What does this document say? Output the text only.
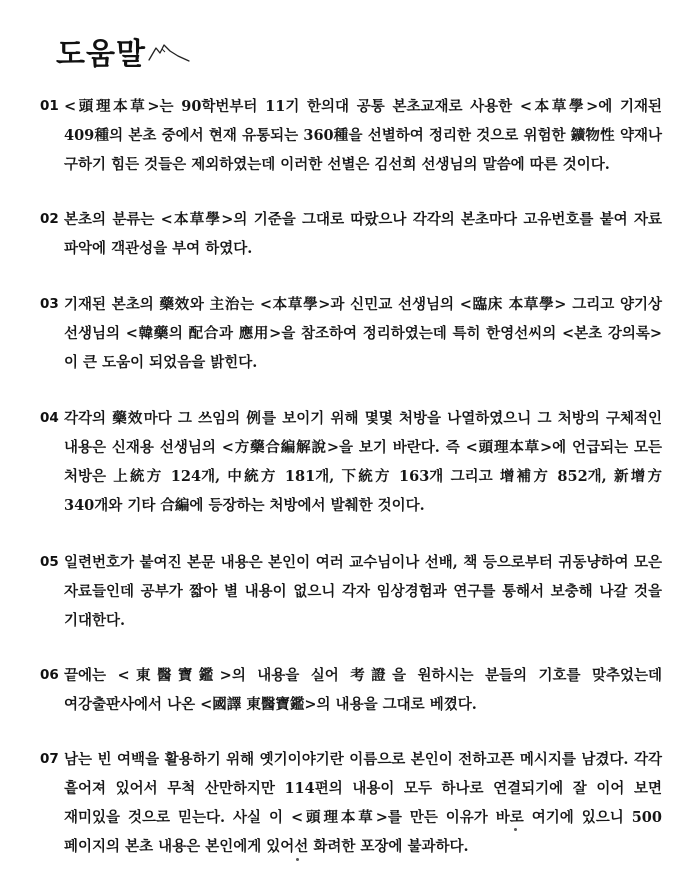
도움말
01 <頭理本草>는 90학번부터 11기 한의대 공통 본초교재로 사용한 <本草學>에 기재된 409種의 본초 중에서 현재 유통되는 360種을 선별하여 정리한 것으로 위험한 鑛物性 약재나 구하기 힘든 것들은 제외하였는데 이러한 선별은 김선희 선생님의 말씀에 따른 것이다.
02 본초의 분류는 <本草學>의 기준을 그대로 따랐으나 각각의 본초마다 고유번호를 붙여 자료 파악에 객관성을 부여 하였다.
03 기재된 본초의 藥效와 主治는 <本草學>과 신민교 선생님의 <臨床 本草學> 그리고 양기상 선생님의 <韓藥의 配合과 應用>을 참조하여 정리하였는데 특히 한영선씨의 <본초 강의록>이 큰 도움이 되었음을 밝힌다.
04 각각의 藥效마다 그 쓰임의 例를 보이기 위해 몇몇 처방을 나열하였으니 그 처방의 구체적인 내용은 신재용 선생님의 <方藥合編解說>을 보기 바란다. 즉 <頭理本草>에 언급되는 모든 처방은 上統方 124개, 中統方 181개, 下統方 163개 그리고 增補方 852개, 新增方 340개와 기타 合編에 등장하는 처방에서 발췌한 것이다.
05 일련번호가 붙여진 본문 내용은 본인이 여러 교수님이나 선배, 책 등으로부터 귀동냥하여 모은 자료들인데 공부가 짧아 별 내용이 없으니 각자 임상경험과 연구를 통해서 보충해 나갈 것을 기대한다.
06 끝에는 <東醫寶鑑>의 내용을 실어 考證을 원하시는 분들의 기호를 맞추었는데 여강출판사에서 나온 <國譯 東醫寶鑑>의 내용을 그대로 베꼈다.
07 남는 빈 여백을 활용하기 위해 옛기이야기란 이름으로 본인이 전하고픈 메시지를 남겼다. 각각 흩어져 있어서 무척 산만하지만 114편의 내용이 모두 하나로 연결되기에 잘 이어 보면 재미있을 것으로 믿는다. 사실 이 <頭理本草>를 만든 이유가 바로 여기에 있으니 500 페이지의 본초 내용은 본인에게 있어선 화려한 포장에 불과하다.
